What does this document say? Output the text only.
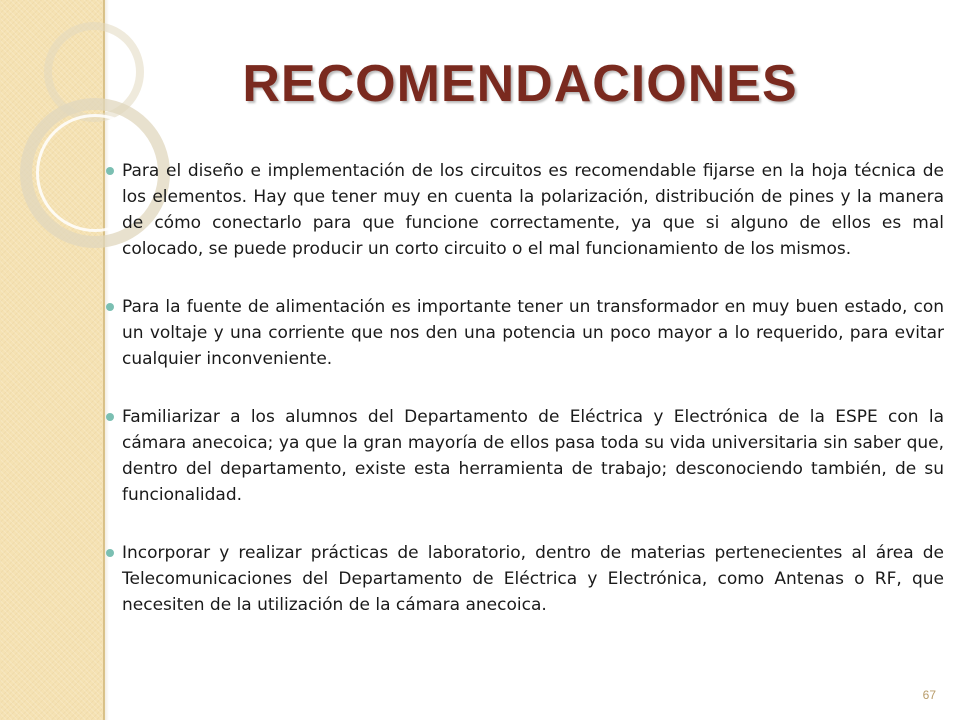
RECOMENDACIONES
Para el diseño e implementación de los circuitos es recomendable fijarse en la hoja técnica de los elementos. Hay que tener muy en cuenta la polarización, distribución de pines y la manera de cómo conectarlo para que funcione correctamente, ya que si alguno de ellos es mal colocado, se puede producir un corto circuito o el mal funcionamiento de los mismos.
Para la fuente de alimentación es importante tener un transformador en muy buen estado, con un voltaje y una corriente que nos den una potencia un poco mayor a lo requerido, para evitar cualquier inconveniente.
Familiarizar a los alumnos del Departamento de Eléctrica y Electrónica de la ESPE con la cámara anecoica; ya que la gran mayoría de ellos pasa toda su vida universitaria sin saber que, dentro del departamento, existe esta herramienta de trabajo; desconociendo también, de su funcionalidad.
Incorporar y realizar prácticas de laboratorio, dentro de materias pertenecientes al área de Telecomunicaciones del Departamento de Eléctrica y Electrónica, como Antenas o RF, que necesiten de la utilización de la cámara anecoica.
67
